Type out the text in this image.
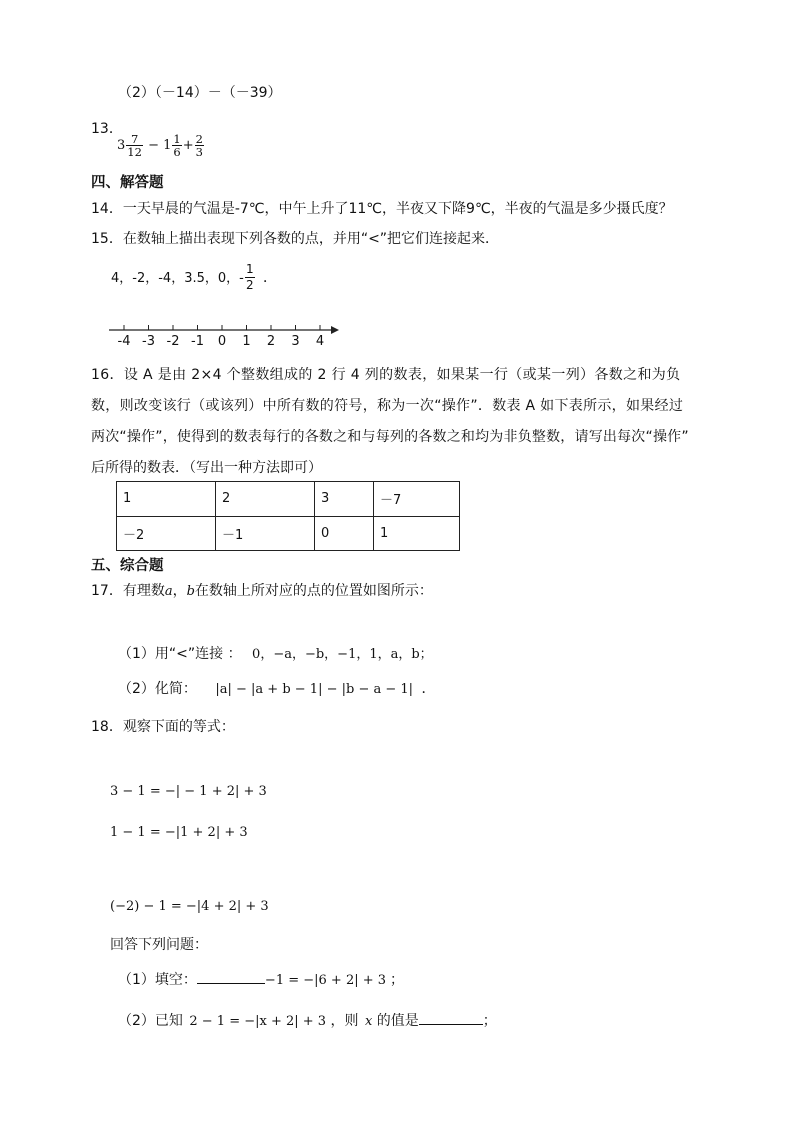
（2）（－14）－（－39）
13．
$3 \frac{7}{12} - 1 \frac{1}{6} + \frac{2}{3}$
四、解答题
14．一天早晨的气温是-7℃，中午上升了11℃，半夜又下降9℃，半夜的气温是多少摄氏度？
15．在数轴上描出表现下列各数的点，并用“<”把它们连接起来．
4，-2，-4，3.5，0，-
1
2 ．
-4 -3 -2 -1 0 1 2 3 4
16．设 A 是由 2×4 个整数组成的 2 行 4 列的数表，如果某一行（或某一列）各数之和为负
数，则改变该行（或该列）中所有数的符号，称为一次“操作”．数表 A 如下表所示，如果经过
两次“操作”，使得到的数表每行的各数之和与每列的各数之和均为非负整数，请写出每次“操作”
后所得的数表．（写出一种方法即可）
1	2	3	－7
－2	－1	0	1
五、综合题
17．有理数a，b在数轴上所对应的点的位置如图所示：
（1）用“<”连接 ： 0，−a，−b，−1，1，a，b；
（2）化简： |a| − |a + b − 1| − |b − a − 1| ．
18．观察下面的等式：
3 − 1 = −| − 1 + 2| + 3
1 − 1 = −|1 + 2| + 3
(−2) − 1 = −|4 + 2| + 3
回答下列问题：
（1）填空：	−1 = −|6 + 2| + 3 ；
（2）已知 2 − 1 = −|x + 2| + 3 ，则 x 的值是	；
